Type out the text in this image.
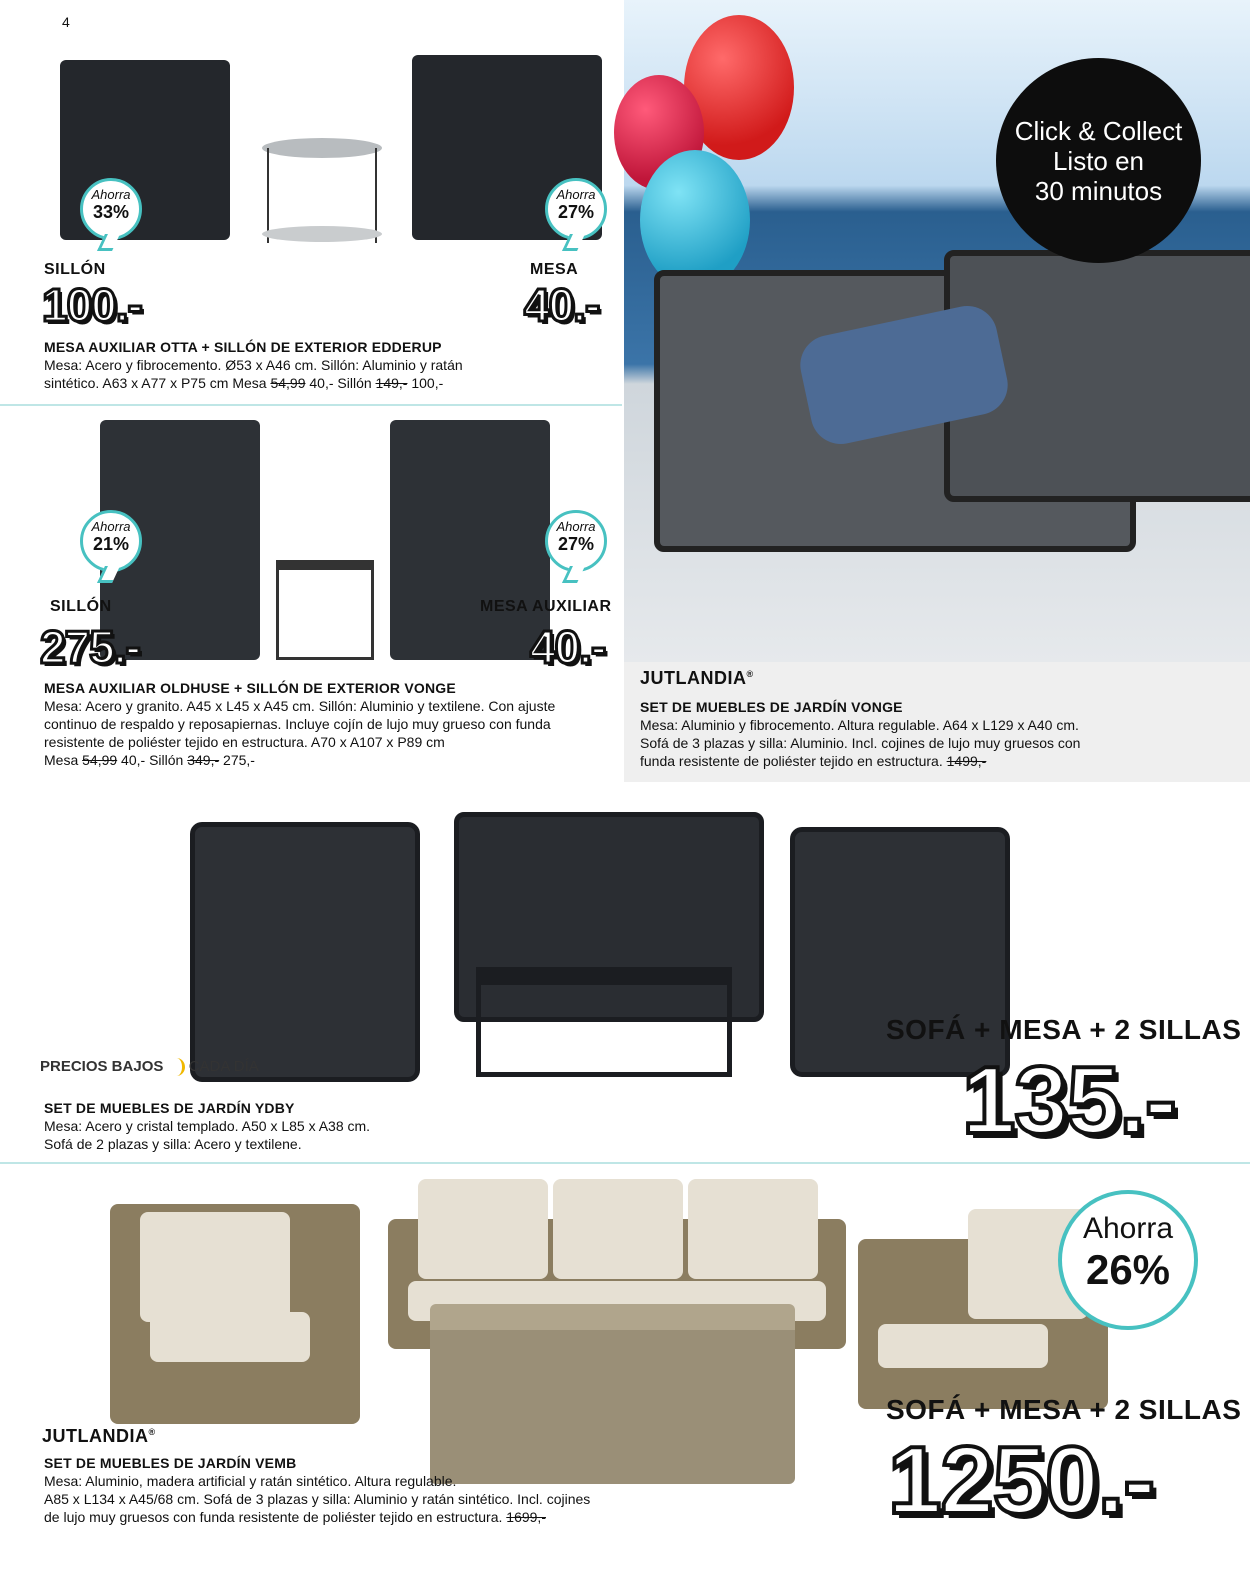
4
Ahorra
33%
Ahorra
27%
SILLÓN
100.-
MESA
40.-
MESA AUXILIAR OTTA + SILLÓN DE EXTERIOR EDDERUP
Mesa: Acero y fibrocemento. Ø53 x A46 cm. Sillón: Aluminio y ratán
sintético. A63 x A77 x P75 cm Mesa 54,99 40,- Sillón 149,- 100,-
Ahorra
21%
Ahorra
27%
SILLÓN
275.-
MESA AUXILIAR
40.-
MESA AUXILIAR OLDHUSE + SILLÓN DE EXTERIOR VONGE
Mesa: Acero y granito. A45 x L45 x A45 cm. Sillón: Aluminio y textilene. Con ajuste
continuo de respaldo y reposapiernas. Incluye cojín de lujo muy grueso con funda
resistente de poliéster tejido en estructura. A70 x A107 x P89 cm
Mesa 54,99 40,- Sillón 349,- 275,-
Click & Collect
Listo en
30 minutos
JUTLANDIA®
SET DE MUEBLES DE JARDÍN VONGE
Mesa: Aluminio y fibrocemento. Altura regulable. A64 x L129 x A40 cm.
Sofá de 3 plazas y silla: Aluminio. Incl. cojines de lujo muy gruesos con
funda resistente de poliéster tejido en estructura. 1499,-
PRECIOS BAJOS CADA DÍA
SOFÁ + MESA + 2 SILLAS
135.-
SET DE MUEBLES DE JARDÍN YDBY
Mesa: Acero y cristal templado. A50 x L85 x A38 cm.
Sofá de 2 plazas y silla: Acero y textilene.
Ahorra
26%
JUTLANDIA®
SOFÁ + MESA + 2 SILLAS
1250.-
SET DE MUEBLES DE JARDÍN VEMB
Mesa: Aluminio, madera artificial y ratán sintético. Altura regulable.
A85 x L134 x A45/68 cm. Sofá de 3 plazas y silla: Aluminio y ratán sintético. Incl. cojines
de lujo muy gruesos con funda resistente de poliéster tejido en estructura. 1699,-
